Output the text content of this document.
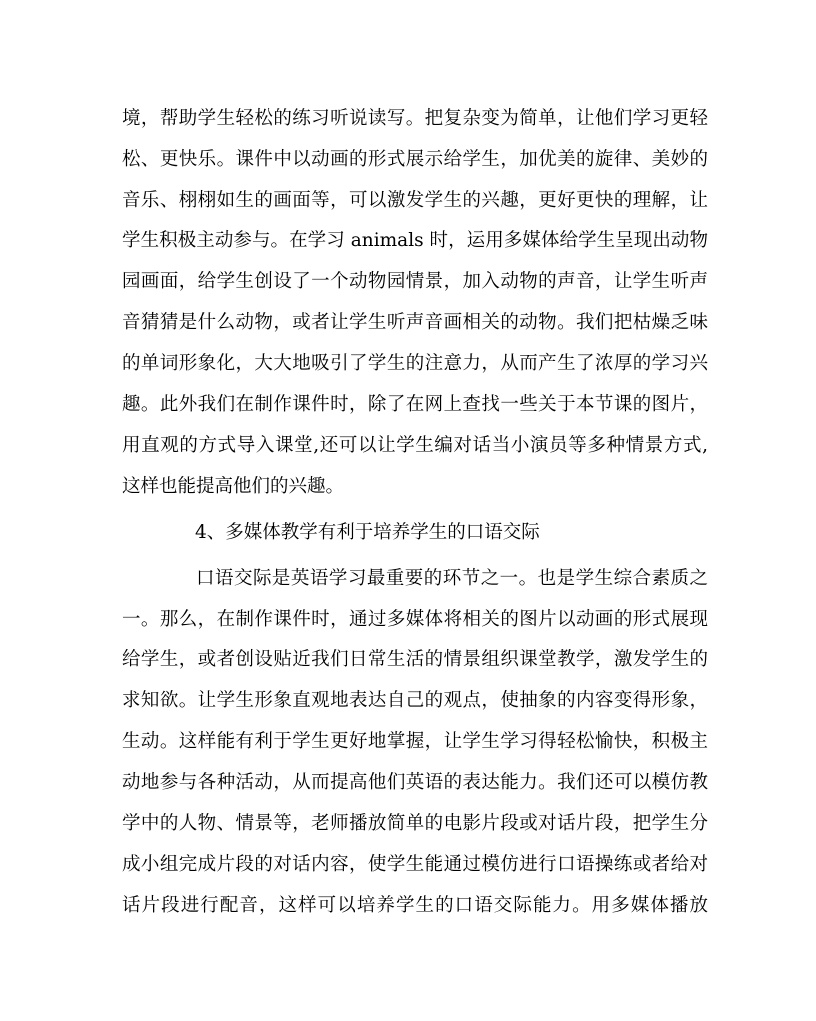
境，帮助学生轻松的练习听说读写。把复杂变为简单，让他们学习更轻
松、更快乐。课件中以动画的形式展示给学生，加优美的旋律、美妙的
音乐、栩栩如生的画面等，可以激发学生的兴趣，更好更快的理解，让
学生积极主动参与。在学习 animals 时，运用多媒体给学生呈现出动物
园画面，给学生创设了一个动物园情景，加入动物的声音，让学生听声
音猜猜是什么动物，或者让学生听声音画相关的动物。我们把枯燥乏味
的单词形象化，大大地吸引了学生的注意力，从而产生了浓厚的学习兴
趣。此外我们在制作课件时，除了在网上查找一些关于本节课的图片，
用直观的方式导入课堂,还可以让学生编对话当小演员等多种情景方式,
这样也能提高他们的兴趣。
4、多媒体教学有利于培养学生的口语交际
口语交际是英语学习最重要的环节之一。也是学生综合素质之
一。那么，在制作课件时，通过多媒体将相关的图片以动画的形式展现
给学生，或者创设贴近我们日常生活的情景组织课堂教学，激发学生的
求知欲。让学生形象直观地表达自己的观点，使抽象的内容变得形象，
生动。这样能有利于学生更好地掌握，让学生学习得轻松愉快，积极主
动地参与各种活动，从而提高他们英语的表达能力。我们还可以模仿教
学中的人物、情景等，老师播放简单的电影片段或对话片段，把学生分
成小组完成片段的对话内容，使学生能通过模仿进行口语操练或者给对
话片段进行配音，这样可以培养学生的口语交际能力。用多媒体播放
